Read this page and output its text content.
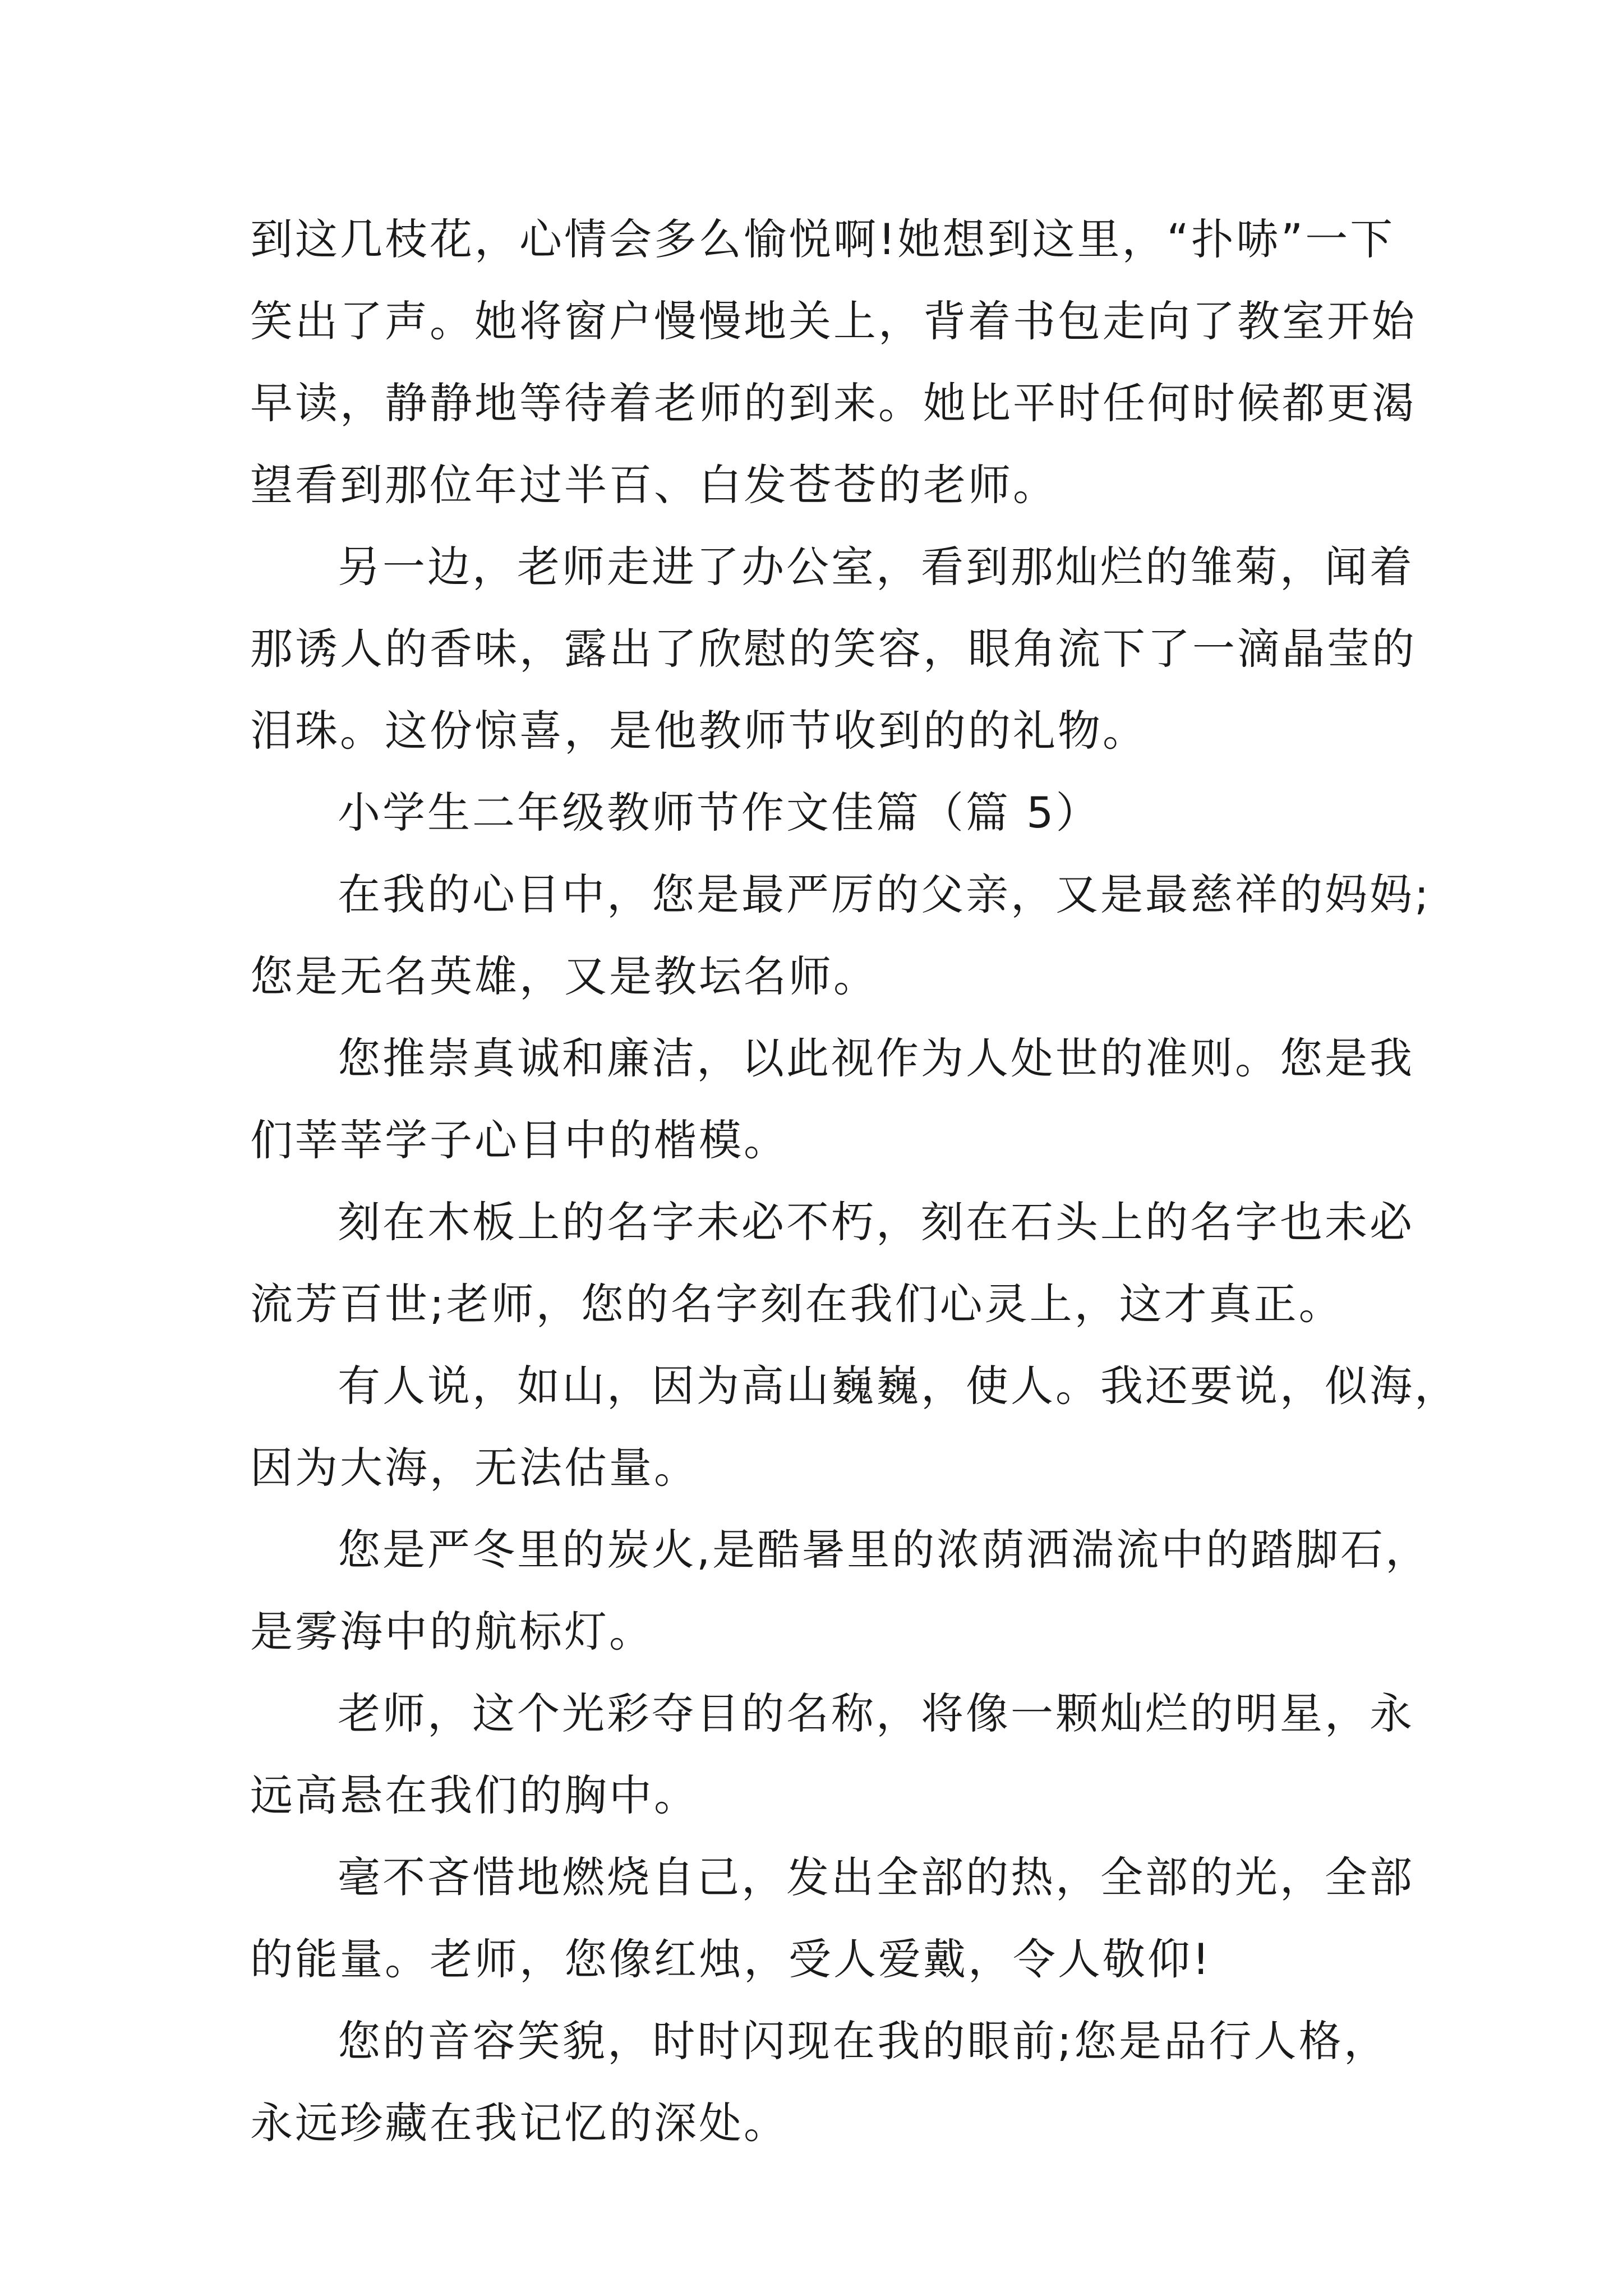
到这几枝花，心情会多么愉悦啊!她想到这里，“扑哧”一下
笑出了声。她将窗户慢慢地关上，背着书包走向了教室开始
早读，静静地等待着老师的到来。她比平时任何时候都更渴
望看到那位年过半百、白发苍苍的老师。
另一边，老师走进了办公室，看到那灿烂的雏菊，闻着
那诱人的香味，露出了欣慰的笑容，眼角流下了一滴晶莹的
泪珠。这份惊喜，是他教师节收到的的礼物。
小学生二年级教师节作文佳篇（篇 5）
在我的心目中，您是最严厉的父亲，又是最慈祥的妈妈;
您是无名英雄，又是教坛名师。
您推崇真诚和廉洁，以此视作为人处世的准则。您是我
们莘莘学子心目中的楷模。
刻在木板上的名字未必不朽，刻在石头上的名字也未必
流芳百世;老师，您的名字刻在我们心灵上，这才真正。
有人说，如山，因为高山巍巍，使人。我还要说，似海，
因为大海，无法估量。
您是严冬里的炭火,是酷暑里的浓荫洒湍流中的踏脚石，
是雾海中的航标灯。
老师，这个光彩夺目的名称，将像一颗灿烂的明星，永
远高悬在我们的胸中。
毫不吝惜地燃烧自己，发出全部的热，全部的光，全部
的能量。老师，您像红烛，受人爱戴，令人敬仰!
您的音容笑貌，时时闪现在我的眼前;您是品行人格，
永远珍藏在我记忆的深处。
